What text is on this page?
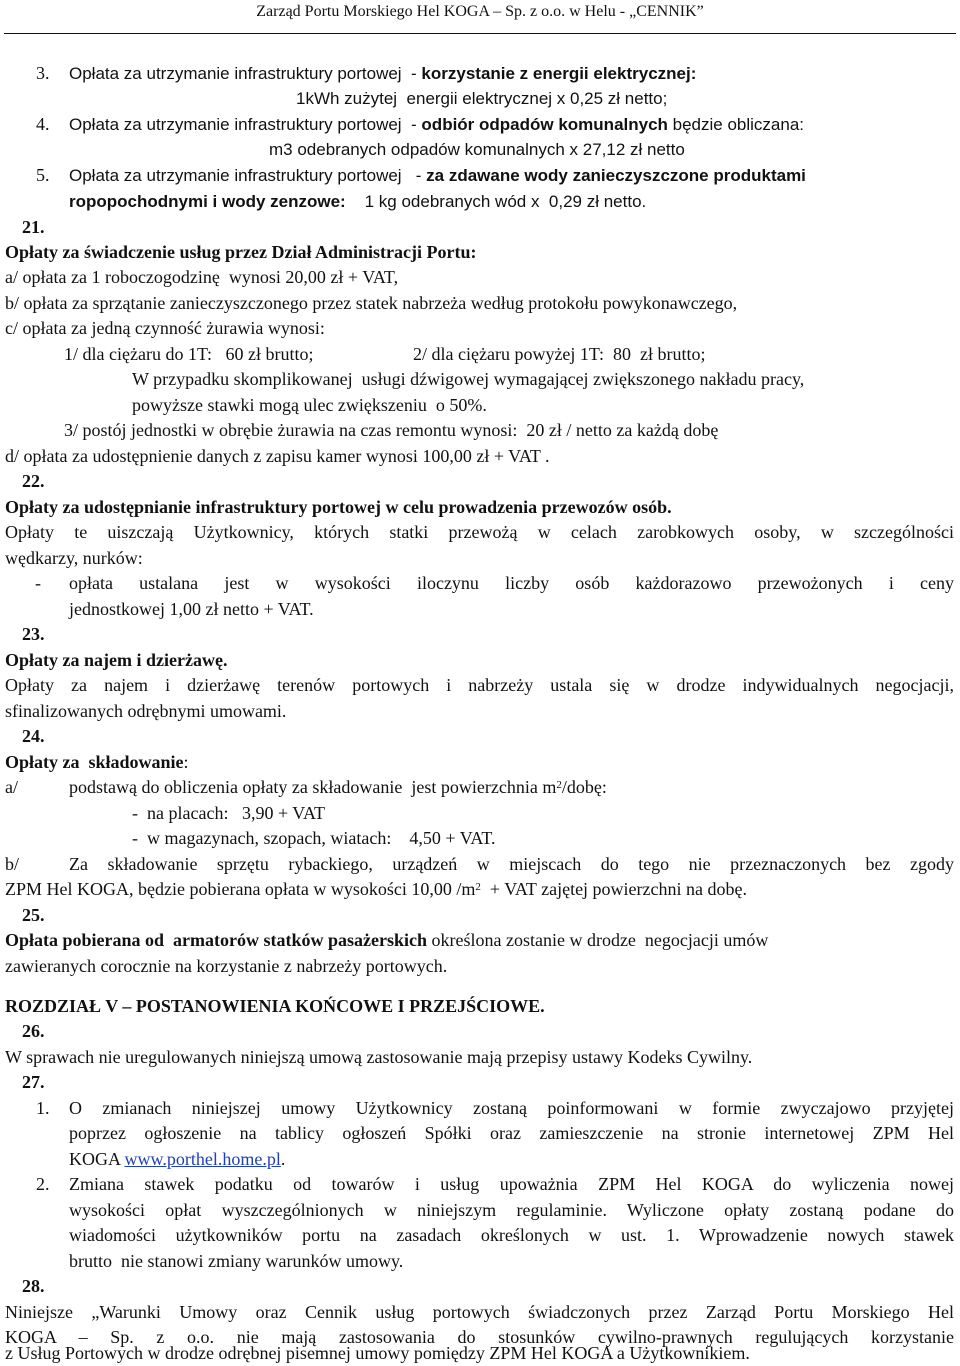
Zarząd Portu Morskiego Hel KOGA – Sp. z o.o. w Helu - „CENNIK”
3. Opłata za utrzymanie infrastruktury portowej  - korzystanie z energii elektrycznej:
1kWh zużytej  energii elektrycznej x 0,25 zł netto;
4. Opłata za utrzymanie infrastruktury portowej  - odbiór odpadów komunalnych będzie obliczana:
m3 odebranych odpadów komunalnych x 27,12 zł netto
5. Opłata za utrzymanie infrastruktury portowej   - za zdawane wody zanieczyszczone produktami
ropopochodnymi i wody zenzowe:    1 kg odebranych wód x  0,29 zł netto.
21.
Opłaty za świadczenie usług przez Dział Administracji Portu:
a/ opłata za 1 roboczogodzinę  wynosi 20,00 zł + VAT,
b/ opłata za sprzątanie zanieczyszczonego przez statek nabrzeża według protokołu powykonawczego,
c/ opłata za jedną czynność żurawia wynosi:
1/ dla ciężaru do 1T:   60 zł brutto;	2/ dla ciężaru powyżej 1T:  80  zł brutto;
W przypadku skomplikowanej  usługi dźwigowej wymagającej zwiększonego nakładu pracy,
powyższe stawki mogą ulec zwiększeniu  o 50%.
3/ postój jednostki w obrębie żurawia na czas remontu wynosi:  20 zł / netto za każdą dobę
d/ opłata za udostępnienie danych z zapisu kamer wynosi 100,00 zł + VAT .
22.
Opłaty za udostępnianie infrastruktury portowej w celu prowadzenia przewozów osób.
Opłaty te uiszczają Użytkownicy, których statki przewożą w celach zarobkowych osoby, w szczególności
wędkarzy, nurków:
- opłata ustalana jest w wysokości iloczynu liczby osób każdorazowo przewożonych i ceny
jednostkowej 1,00 zł netto + VAT.
23.
Opłaty za najem i dzierżawę.
Opłaty za najem i dzierżawę terenów portowych i nabrzeży ustala się w drodze indywidualnych negocjacji,
sfinalizowanych odrębnymi umowami.
24.
Opłaty za  składowanie:
a/	podstawą do obliczenia opłaty za składowanie  jest powierzchnia $m^2$/dobę:
-  na placach:   3,90 + VAT
-  w magazynach, szopach, wiatach:    4,50 + VAT.
b/	Za składowanie sprzętu rybackiego, urządzeń w miejscach do tego nie przeznaczonych bez zgody
ZPM Hel KOGA, będzie pobierana opłata w wysokości 10,00 $/m^2$  + VAT zajętej powierzchni na dobę.
25.
Opłata pobierana od  armatorów statków pasażerskich określona zostanie w drodze  negocjacji umów
zawieranych corocznie na korzystanie z nabrzeży portowych.
ROZDZIAŁ V – POSTANOWIENIA KOŃCOWE I PRZEJŚCIOWE.
26.
W sprawach nie uregulowanych niniejszą umową zastosowanie mają przepisy ustawy Kodeks Cywilny.
27.
1. O zmianach niniejszej umowy Użytkownicy zostaną poinformowani w formie zwyczajowo przyjętej
poprzez ogłoszenie na tablicy ogłoszeń Spółki oraz zamieszczenie na stronie internetowej ZPM Hel
KOGA www.porthel.home.pl.
2. Zmiana stawek podatku od towarów i usług upoważnia ZPM Hel KOGA do wyliczenia nowej
wysokości opłat wyszczególnionych w niniejszym regulaminie. Wyliczone opłaty zostaną podane do
wiadomości użytkowników portu na zasadach określonych w ust. 1. Wprowadzenie nowych stawek
brutto  nie stanowi zmiany warunków umowy.
28.
Niniejsze „Warunki Umowy oraz Cennik usług portowych świadczonych przez Zarząd Portu Morskiego Hel
KOGA – Sp. z o.o. nie mają zastosowania do stosunków cywilno-prawnych regulujących korzystanie
z Usług Portowych w drodze odrębnej pisemnej umowy pomiędzy ZPM Hel KOGA a Użytkownikiem.
